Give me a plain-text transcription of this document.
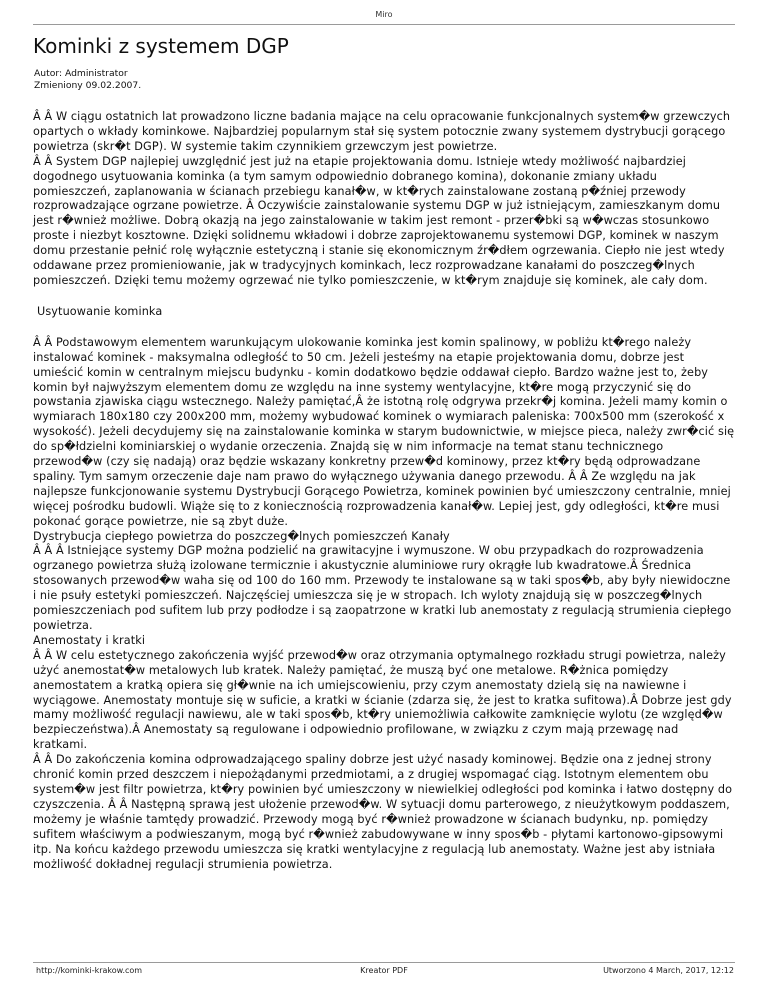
Miro
Kominki z systemem DGP
Autor: Administrator
Zmieniony 09.02.2007.

Â Â W ciągu ostatnich lat prowadzono liczne badania mające na celu opracowanie funkcjonalnych system�w grzewczych opartych o wkłady kominkowe. Najbardziej popularnym stał się system potocznie zwany systemem dystrybucji gorącego powietrza (skr�t DGP). W systemie takim czynnikiem grzewczym jest powietrze.

Â Â System DGP najlepiej uwzględnić jest już na etapie projektowania domu. Istnieje wtedy możliwość najbardziej dogodnego usytuowania kominka (a tym samym odpowiednio dobranego komina), dokonanie zmiany układu pomieszczeń, zaplanowania w ścianach przebiegu kanał�w, w kt�rych zainstalowane zostaną p�źniej przewody rozprowadzające ogrzane powietrze. Â Oczywiście zainstalowanie systemu DGP w już istniejącym, zamieszkanym domu jest r�wnież możliwe. Dobrą okazją na jego zainstalowanie w takim jest remont - przer�bki są w�wczas stosunkowo proste i niezbyt kosztowne. Dzięki solidnemu wkładowi i dobrze zaprojektowanemu systemowi DGP, kominek w naszym domu przestanie pełnić rolę wyłącznie estetyczną i stanie się ekonomicznym źr�dłem ogrzewania. Ciepło nie jest wtedy oddawane przez promieniowanie, jak w tradycyjnych kominkach, lecz rozprowadzane kanałami do poszczeg�lnych pomieszczeń. Dzięki temu możemy ogrzewać nie tylko pomieszczenie, w kt�rym znajduje się kominek, ale cały dom.

Usytuowanie kominka

Â Â Podstawowym elementem warunkującym ulokowanie kominka jest komin spalinowy, w pobliżu kt�rego należy instalować kominek - maksymalna odległość to 50 cm. Jeżeli jesteśmy na etapie projektowania domu, dobrze jest umieścić komin w centralnym miejscu budynku - komin dodatkowo będzie oddawał ciepło. Bardzo ważne jest to, żeby komin był najwyższym elementem domu ze względu na inne systemy wentylacyjne, kt�re mogą przyczynić się do powstania zjawiska ciągu wstecznego. Należy pamiętać,Â że istotną rolę odgrywa przekr�j komina. Jeżeli mamy komin o wymiarach 180x180 czy 200x200 mm, możemy wybudować kominek o wymiarach paleniska: 700x500 mm (szerokość x wysokość). Jeżeli decydujemy się na zainstalowanie kominka w starym budownictwie, w miejsce pieca, należy zwr�cić się do sp�łdzielni kominiarskiej o wydanie orzeczenia. Znajdą się w nim informacje na temat stanu technicznego przewod�w (czy się nadają) oraz będzie wskazany konkretny przew�d kominowy, przez kt�ry będą odprowadzane spaliny. Tym samym orzeczenie daje nam prawo do wyłącznego używania danego przewodu. Â Â Ze względu na jak najlepsze funkcjonowanie systemu Dystrybucji Gorącego Powietrza, kominek powinien być umieszczony centralnie, mniej więcej pośrodku budowli. Wiąże się to z koniecznością rozprowadzenia kanał�w. Lepiej jest, gdy odległości, kt�re musi pokonać gorące powietrze, nie są zbyt duże.

Dystrybucja ciepłego powietrza do poszczeg�lnych pomieszczeń Kanały

Â Â Â Istniejące systemy DGP można podzielić na grawitacyjne i wymuszone. W obu przypadkach do rozprowadzenia ogrzanego powietrza służą izolowane termicznie i akustycznie aluminiowe rury okrągłe lub kwadratowe.Â Średnica stosowanych przewod�w waha się od 100 do 160 mm. Przewody te instalowane są w taki spos�b, aby były niewidoczne i nie psuły estetyki pomieszczeń. Najczęściej umieszcza się je w stropach. Ich wyloty znajdują się w poszczeg�lnych pomieszczeniach pod sufitem lub przy podłodze i są zaopatrzone w kratki lub anemostaty z regulacją strumienia ciepłego powietrza.

Anemostaty i kratki

Â Â W celu estetycznego zakończenia wyjść przewod�w oraz otrzymania optymalnego rozkładu strugi powietrza, należy użyć anemostat�w metalowych lub kratek. Należy pamiętać, że muszą być one metalowe. R�żnica pomiędzy anemostatem a kratką opiera się gł�wnie na ich umiejscowieniu, przy czym anemostaty dzielą się na nawiewne i wyciągowe. Anemostaty montuje się w suficie, a kratki w ścianie (zdarza się, że jest to kratka sufitowa).Â Dobrze jest gdy mamy możliwość regulacji nawiewu, ale w taki spos�b, kt�ry uniemożliwia całkowite zamknięcie wylotu (ze względ�w bezpieczeństwa).Â Anemostaty są regulowane i odpowiednio profilowane, w związku z czym mają przewagę nad kratkami.

Â Â Do zakończenia komina odprowadzającego spaliny dobrze jest użyć nasady kominowej. Będzie ona z jednej strony chronić komin przed deszczem i niepożądanymi przedmiotami, a z drugiej wspomagać ciąg. Istotnym elementem obu system�w jest filtr powietrza, kt�ry powinien być umieszczony w niewielkiej odległości pod kominka i łatwo dostępny do czyszczenia. Â Â Następną sprawą jest ułożenie przewod�w. W sytuacji domu parterowego, z nieużytkowym poddaszem, możemy je właśnie tamtędy prowadzić. Przewody mogą być r�wnież prowadzone w ścianach budynku, np. pomiędzy sufitem właściwym a podwieszanym, mogą być r�wnież zabudowywane w inny spos�b - płytami kartonowo-gipsowymi itp. Na końcu każdego przewodu umieszcza się kratki wentylacyjne z regulacją lub anemostaty. Ważne jest aby istniała możliwość dokładnej regulacji strumienia powietrza.

http://kominki-krakow.com	Kreator PDF	Utworzono 4 March, 2017, 12:12
